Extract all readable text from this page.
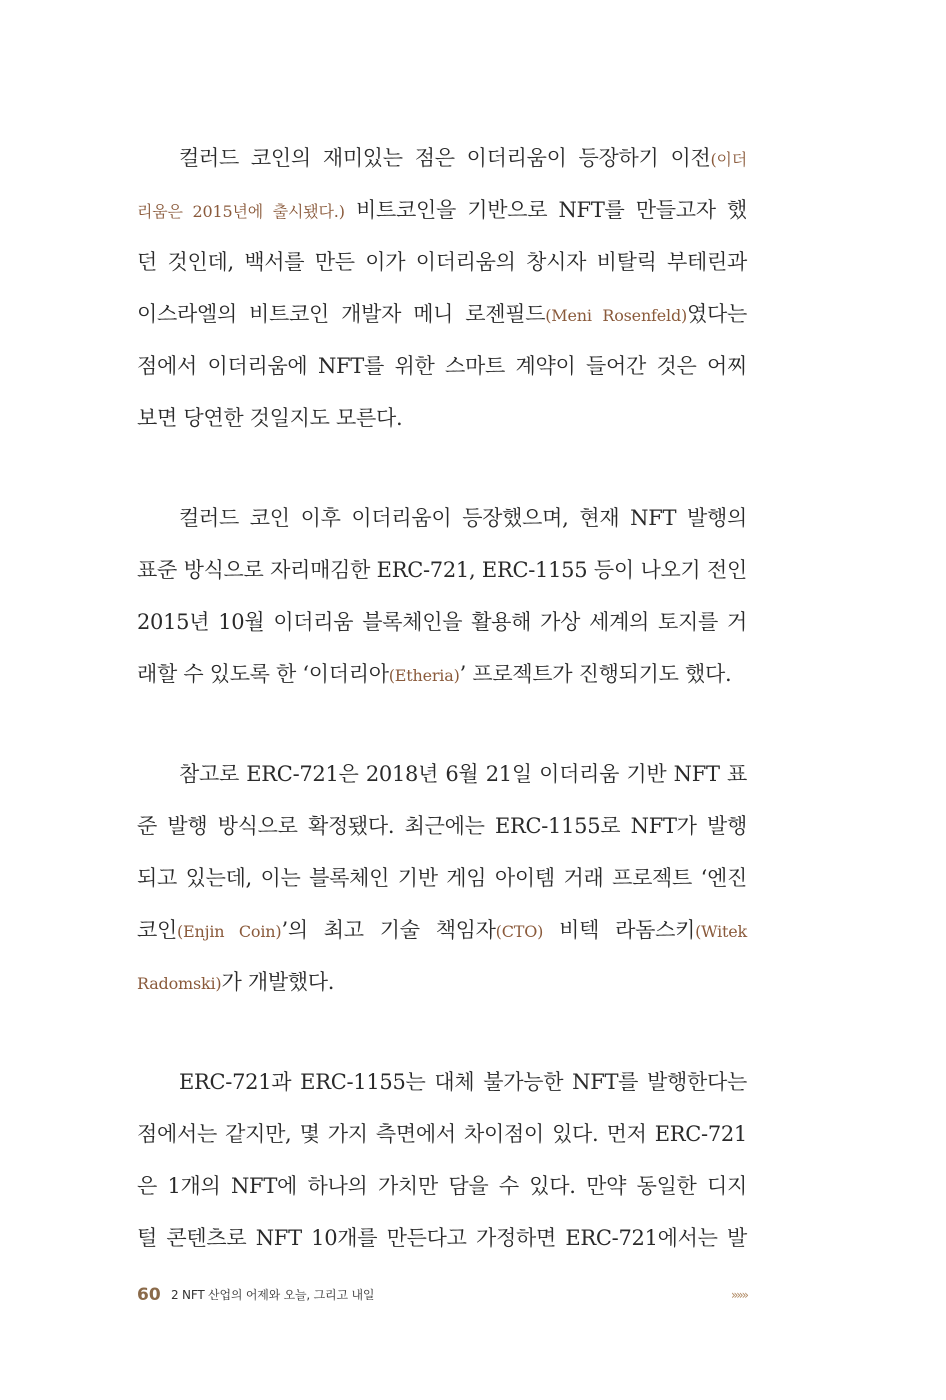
컬러드 코인의 재미있는 점은 이더리움이 등장하기 이전(이더
리움은 2015년에 출시됐다.) 비트코인을 기반으로 NFT를 만들고자 했
던 것인데, 백서를 만든 이가 이더리움의 창시자 비탈릭 부테린과
이스라엘의 비트코인 개발자 메니 로젠필드(Meni Rosenfeld)였다는
점에서 이더리움에 NFT를 위한 스마트 계약이 들어간 것은 어찌
보면 당연한 것일지도 모른다.
컬러드 코인 이후 이더리움이 등장했으며, 현재 NFT 발행의
표준 방식으로 자리매김한 ERC-721, ERC-1155 등이 나오기 전인
2015년 10월 이더리움 블록체인을 활용해 가상 세계의 토지를 거
래할 수 있도록 한 ‘이더리아(Etheria)’ 프로젝트가 진행되기도 했다.
참고로 ERC-721은 2018년 6월 21일 이더리움 기반 NFT 표
준 발행 방식으로 확정됐다. 최근에는 ERC-1155로 NFT가 발행
되고 있는데, 이는 블록체인 기반 게임 아이템 거래 프로젝트 ‘엔진
코인(Enjin Coin)’의 최고 기술 책임자(CTO) 비텍 라돔스키(Witek
Radomski)가 개발했다.
ERC-721과 ERC-1155는 대체 불가능한 NFT를 발행한다는
점에서는 같지만, 몇 가지 측면에서 차이점이 있다. 먼저 ERC-721
은 1개의 NFT에 하나의 가치만 담을 수 있다. 만약 동일한 디지
털 콘텐츠로 NFT 10개를 만든다고 가정하면 ERC-721에서는 발
60 2 NFT 산업의 어제와 오늘, 그리고 내일	»»»
